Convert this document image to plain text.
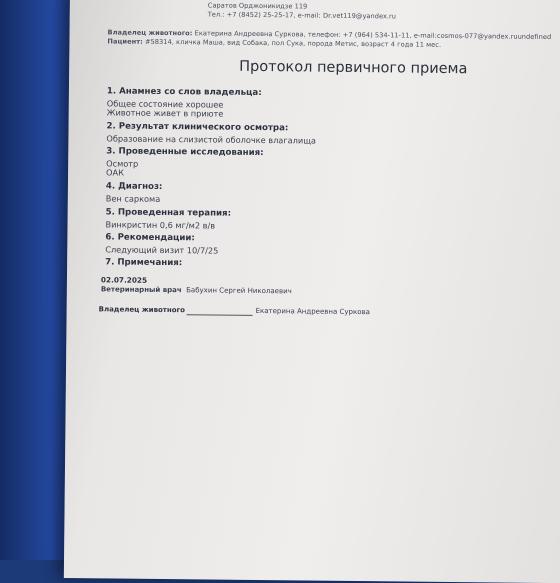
Саратов Орджоникидзе 119
Тел.: +7 (8452) 25-25-17, e-mail: Dr.vet119@yandex.ru
Владелец животного: Екатерина Андреевна Суркова, телефон: +7 (964) 534-11-11, e-mail:cosmos-077@yandex.ruundefined
Пациент: #58314, кличка Маша, вид Собака, пол Сука, порода Метис, возраст 4 года 11 мес.
Протокол первичного приема
1. Анамнез со слов владельца:
Общее состояние хорошее
Животное живет в приюте
2. Результат клинического осмотра:
Образование на слизистой оболочке влагалища
3. Проведенные исследования:
Осмотр
ОАК
4. Диагноз:
Вен саркома
5. Проведенная терапия:
Винкристин 0,6 мг/м2 в/в
6. Рекомендации:
Следующий визит 10/7/25
7. Примечания:
02.07.2025
Ветеринарный врач Бабухин Сергей Николаевич
Владелец животного	Екатерина Андреевна Суркова
